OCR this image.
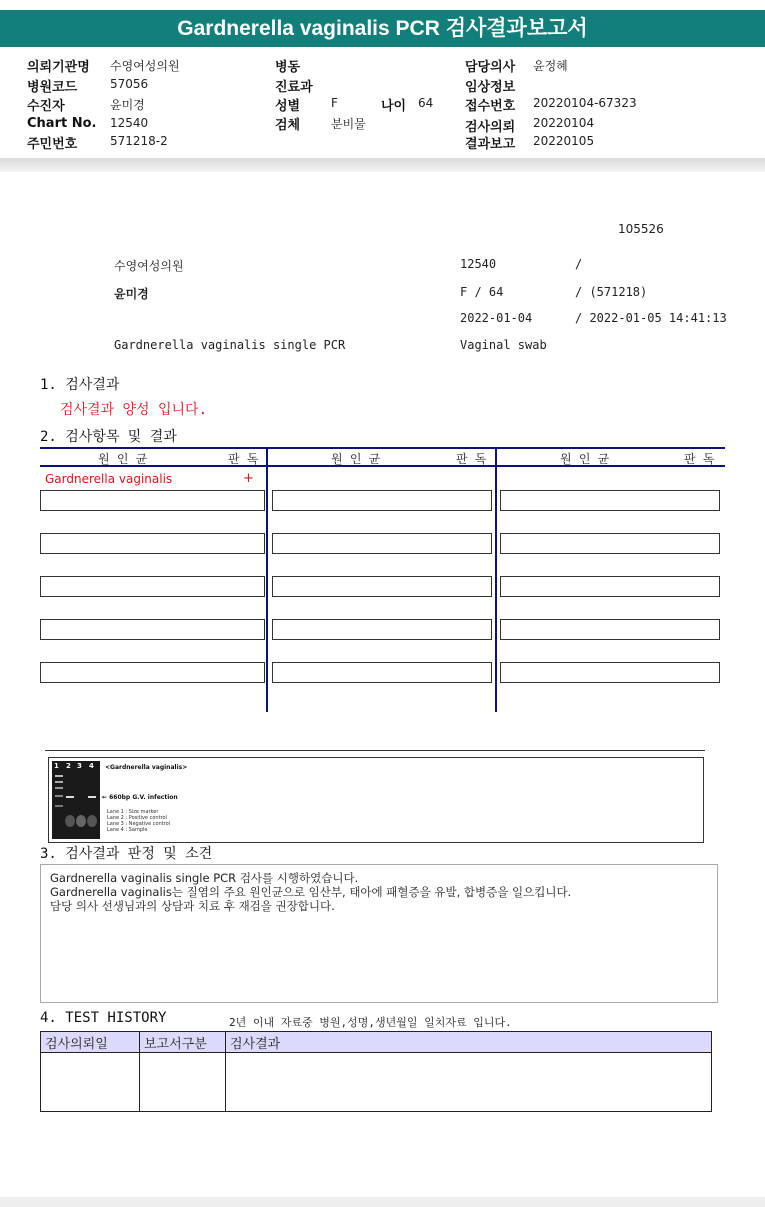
Gardnerella vaginalis PCR 검사결과보고서
의뢰기관명 수영여성의원
병원코드	57056
수진자	윤미경
Chart No. 12540
주민번호	571218-2
병동
진료과
성별	F
검체	분비물
나이 64
담당의사 윤정혜
임상정보
접수번호 20220104-67323
검사의뢰 20220104
결과보고 20220105
105526
수영여성의원	12540	/
윤미경	F / 64	/ (571218)
2022-01-04	/ 2022-01-05 14:41:13
Gardnerella vaginalis single PCR	Vaginal swab
1. 검사결과
검사결과 양성 입니다.
2. 검사항목 및 결과
원 인 균	판 독	원 인 균	판 독	원 인 균	판 독
Gardnerella vaginalis	+
1 2 3 4 <Gardnerella vaginalis>
← 660bp G.V. infection
Lane 1 : Size marker
Lane 2 : Positive control
Lane 3 : Negative control
Lane 4 : Sample
3. 검사결과 판정 및 소견
Gardnerella vaginalis single PCR 검사를 시행하였습니다.
Gardnerella vaginalis는 질염의 주요 원인균으로 임산부, 태아에 패혈증을 유발, 합병증을 일으킵니다.
담당 의사 선생님과의 상담과 치료 후 재검을 권장합니다.
4. TEST HISTORY	2년 이내 자료중 병원,성명,생년월일 일치자료 입니다.
검사의뢰일	보고서구분	검사결과
